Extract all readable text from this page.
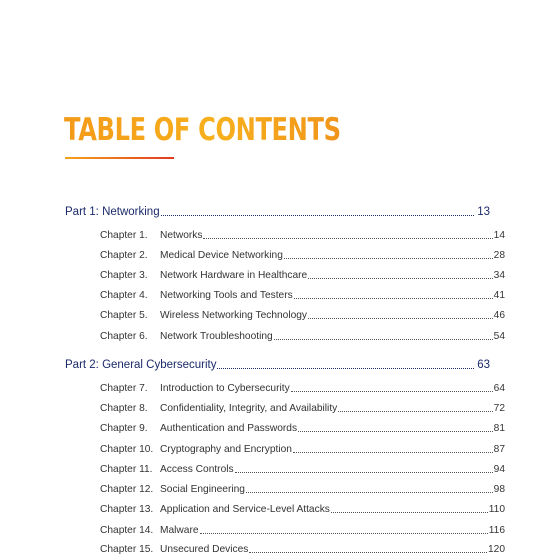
TABLE OF CONTENTS
Part 1: Networking	13
Chapter 1.	Networks	14
Chapter 2.	Medical Device Networking	28
Chapter 3.	Network Hardware in Healthcare	34
Chapter 4.	Networking Tools and Testers	41
Chapter 5.	Wireless Networking Technology	46
Chapter 6.	Network Troubleshooting	54
Part 2: General Cybersecurity	63
Chapter 7.	Introduction to Cybersecurity	64
Chapter 8.	Confidentiality, Integrity, and Availability	72
Chapter 9.	Authentication and Passwords	81
Chapter 10. Cryptography and Encryption	87
Chapter 11. Access Controls	94
Chapter 12. Social Engineering	98
Chapter 13. Application and Service-Level Attacks	110
Chapter 14. Malware	116
Chapter 15. Unsecured Devices	120
